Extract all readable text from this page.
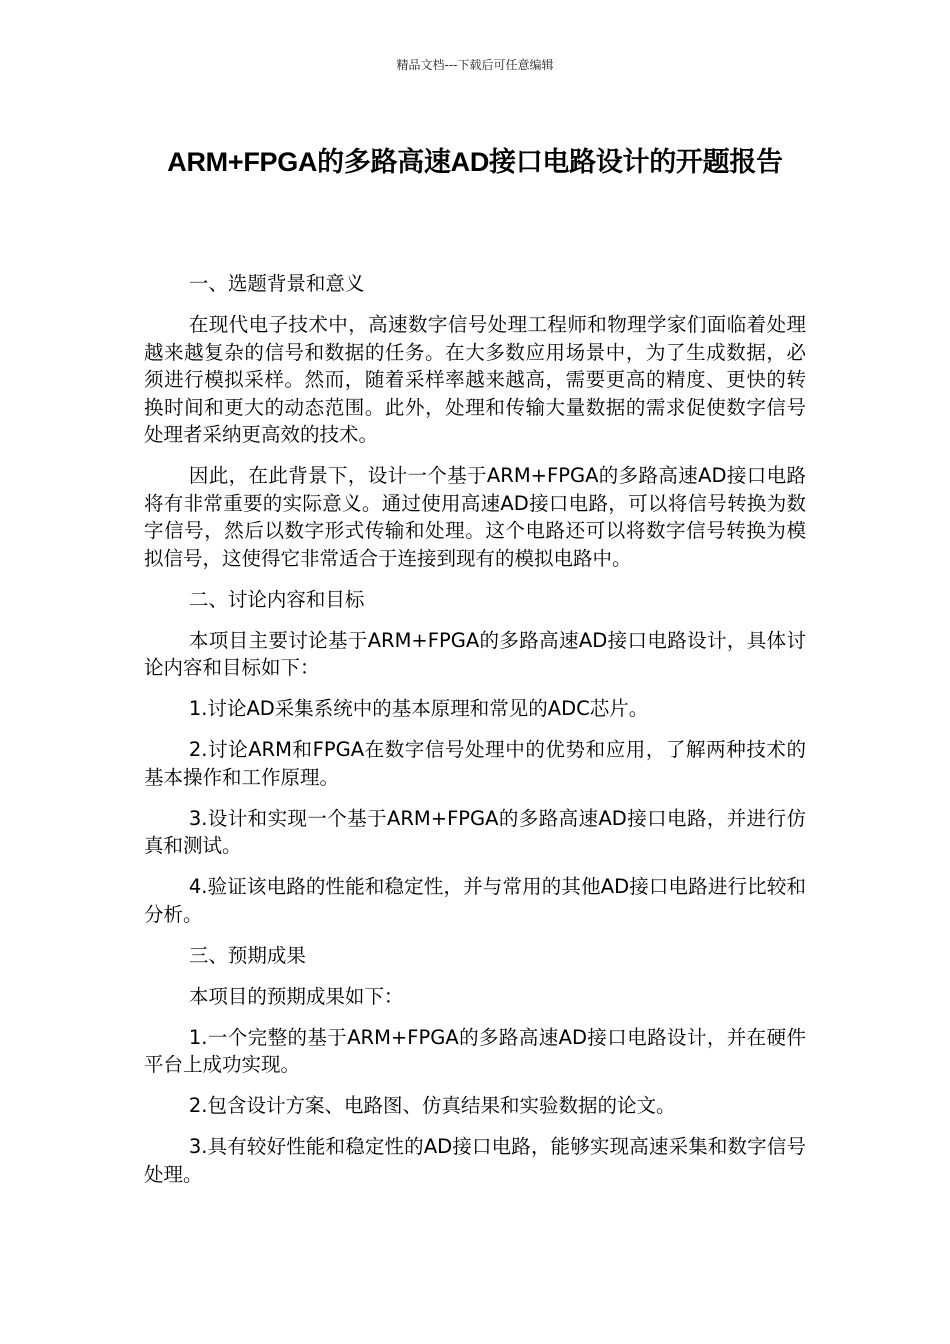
精品文档---下载后可任意编辑
ARM+FPGA的多路高速AD接口电路设计的开题报告

一、选题背景和意义

在现代电子技术中，高速数字信号处理工程师和物理学家们面临着处理越来越复杂的信号和数据的任务。在大多数应用场景中，为了生成数据，必须进行模拟采样。然而，随着采样率越来越高，需要更高的精度、更快的转换时间和更大的动态范围。此外，处理和传输大量数据的需求促使数字信号处理者采纳更高效的技术。

因此，在此背景下，设计一个基于ARM+FPGA的多路高速AD接口电路将有非常重要的实际意义。通过使用高速AD接口电路，可以将信号转换为数字信号，然后以数字形式传输和处理。这个电路还可以将数字信号转换为模拟信号，这使得它非常适合于连接到现有的模拟电路中。

二、讨论内容和目标

本项目主要讨论基于ARM+FPGA的多路高速AD接口电路设计，具体讨论内容和目标如下：

1.讨论AD采集系统中的基本原理和常见的ADC芯片。

2.讨论ARM和FPGA在数字信号处理中的优势和应用，了解两种技术的基本操作和工作原理。

3.设计和实现一个基于ARM+FPGA的多路高速AD接口电路，并进行仿真和测试。

4.验证该电路的性能和稳定性，并与常用的其他AD接口电路进行比较和分析。

三、预期成果

本项目的预期成果如下：

1.一个完整的基于ARM+FPGA的多路高速AD接口电路设计，并在硬件平台上成功实现。

2.包含设计方案、电路图、仿真结果和实验数据的论文。

3.具有较好性能和稳定性的AD接口电路，能够实现高速采集和数字信号处理。
